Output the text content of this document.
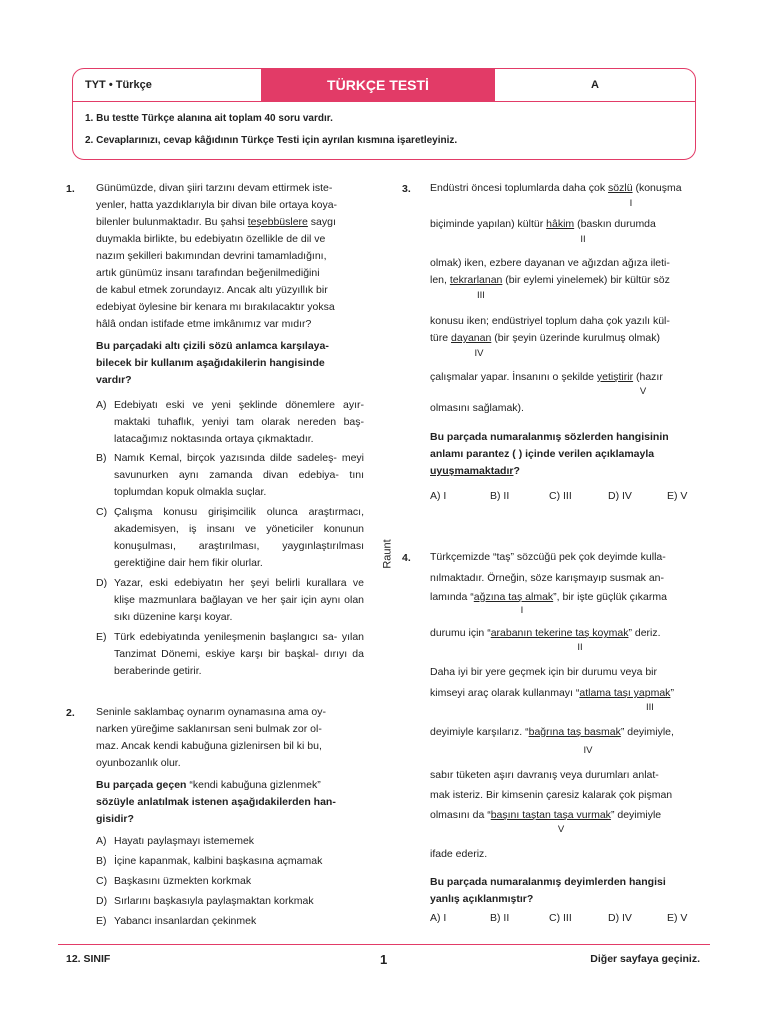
TYT • Türkçe	TÜRKÇE TESTİ	A
1. Bu testte Türkçe alanına ait toplam 40 soru vardır.
2. Cevaplarınızı, cevap kâğıdının Türkçe Testi için ayrılan kısmına işaretleyiniz.
1. Günümüzde, divan şiiri tarzını devam ettirmek iste-
yenler, hatta yazdıklarıyla bir divan bile ortaya koya-
bilenler bulunmaktadır. Bu şahsi teşebbüslere saygı
duymakla birlikte, bu edebiyatın özellikle de dil ve
nazım şekilleri bakımından devrini tamamladığını,
artık günümüz insanı tarafından beğenilmediğini
de kabul etmek zorundayız. Ancak altı yüzyıllık bir
edebiyat öylesine bir kenara mı bırakılacaktır yoksa
hâlâ ondan istifade etme imkânımız var mıdır?
Bu parçadaki altı çizili sözü anlamca karşılaya-
bilecek bir kullanım aşağıdakilerin hangisinde
vardır?
A) Edebiyatı eski ve yeni şeklinde dönemlere ayır- maktaki tuhaflık, yeniyi tam olarak nereden baş- latacağımız noktasında ortaya çıkmaktadır.
B) Namık Kemal, birçok yazısında dilde sadeleş- meyi savunurken aynı zamanda divan edebiya- tını toplumdan kopuk olmakla suçlar.
C) Çalışma konusu girişimcilik olunca araştırmacı, akademisyen, iş insanı ve yöneticiler konunun konuşulması, araştırılması, yaygınlaştırılması gerektiğine dair hem fikir olurlar.
D) Yazar, eski edebiyatın her şeyi belirli kurallara ve klişe mazmunlara bağlayan ve her şair için aynı olan sıkı düzenine karşı koyar.
E) Türk edebiyatında yenileşmenin başlangıcı sa- yılan Tanzimat Dönemi, eskiye karşı bir başkal- dırıyı da beraberinde getirir.
2. Seninle saklambaç oynarım oynamasına ama oy-
narken yüreğime saklanırsan seni bulmak zor ol-
maz. Ancak kendi kabuğuna gizlenirsen bil ki bu,
oyunbozanlık olur.
Bu parçada geçen “kendi kabuğuna gizlenmek”
sözüyle anlatılmak istenen aşağıdakilerden han-
gisidir?
A) Hayatı paylaşmayı istememek
B) İçine kapanmak, kalbini başkasına açmamak
C) Başkasını üzmekten korkmak
D) Sırlarını başkasıyla paylaşmaktan korkmak
E) Yabancı insanlardan çekinmek
Raunt
3. Endüstri öncesi toplumlarda daha çok sözlü (konuşma
I
biçiminde yapılan) kültür hâkim (baskın durumda
II
olmak) iken, ezbere dayanan ve ağızdan ağıza ileti-
len, tekrarlanan (bir eylemi yinelemek) bir kültür söz
III
konusu iken; endüstriyel toplum daha çok yazılı kül-
türe dayanan (bir şeyin üzerinde kurulmuş olmak)
IV
çalışmalar yapar. İnsanını o şekilde yetiştirir (hazır
V
olmasını sağlamak).
Bu parçada numaralanmış sözlerden hangisinin
anlamı parantez ( ) içinde verilen açıklamayla
uyuşmamaktadır?
A) I	B) II	C) III	D) IV	E) V
4. Türkçemizde “taş” sözcüğü pek çok deyimde kulla-
nılmaktadır. Örneğin, söze karışmayıp susmak an-
lamında “ağzına taş almak”, bir işte güçlük çıkarma
I
durumu için “arabanın tekerine taş koymak” deriz.
II
Daha iyi bir yere geçmek için bir durumu veya bir
kimseyi araç olarak kullanmayı “atlama taşı yapmak”
III
deyimiyle karşılarız. “bağrına taş basmak” deyimiyle,
IV
sabır tüketen aşırı davranış veya durumları anlat-
mak isteriz. Bir kimsenin çaresiz kalarak çok pişman
olmasını da “başını taştan taşa vurmak” deyimiyle
V
ifade ederiz.
Bu parçada numaralanmış deyimlerden hangisi
yanlış açıklanmıştır?
A) I	B) II	C) III	D) IV	E) V
12. SINIF	1	Diğer sayfaya geçiniz.
